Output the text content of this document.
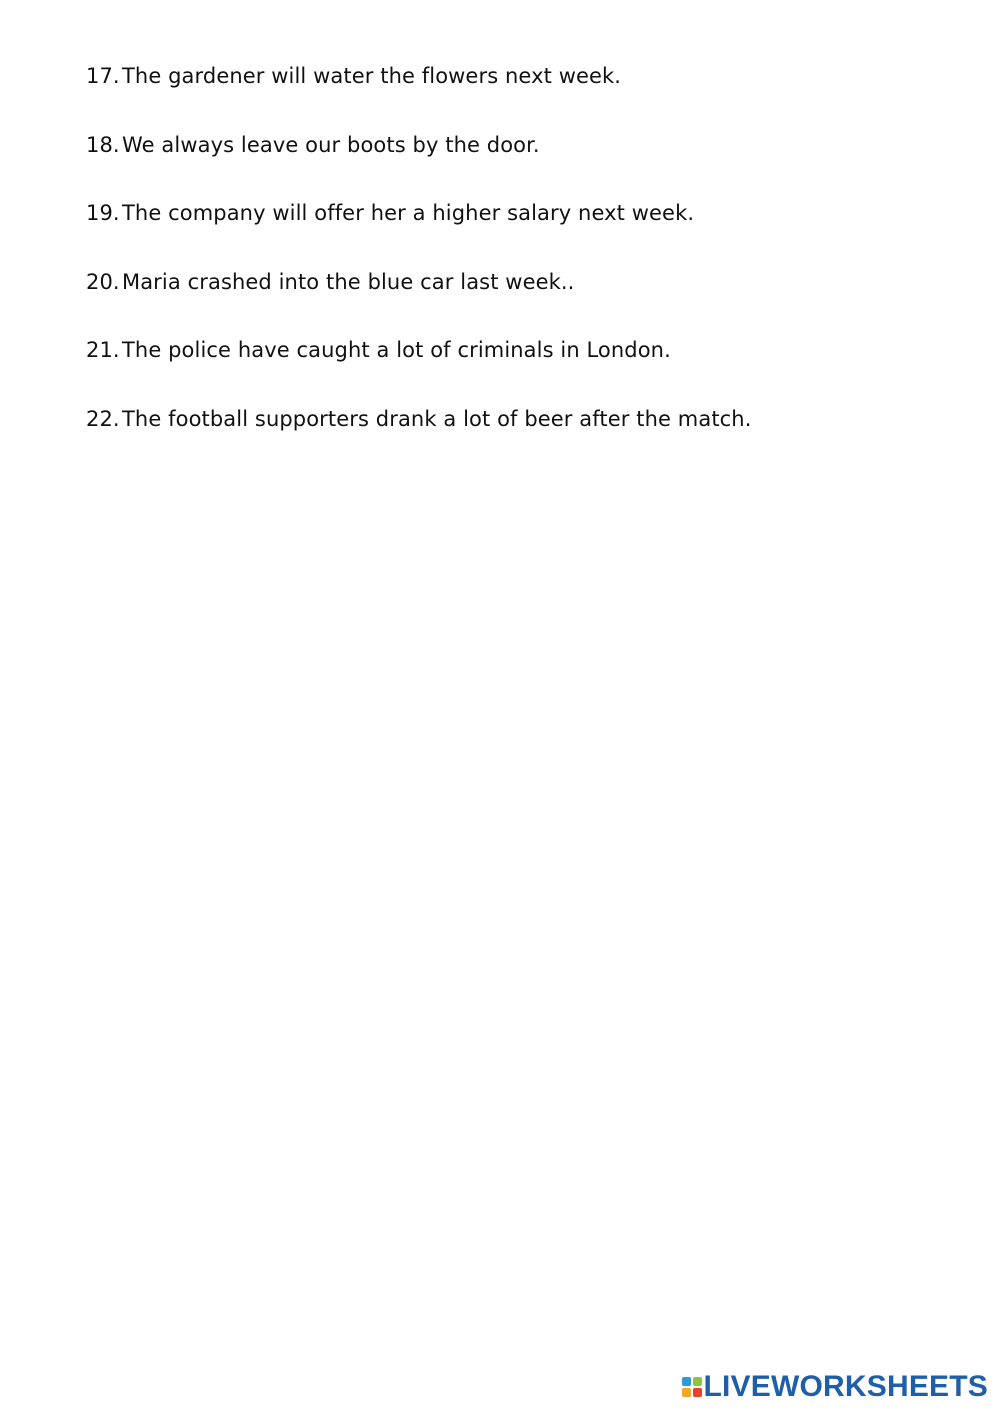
17. The gardener will water the flowers next week.
18. We always leave our boots by the door.
19. The company will offer her a higher salary next week.
20. Maria crashed into the blue car last week..
21. The police have caught a lot of criminals in London.
22. The football supporters drank a lot of beer after the match.
LIVEWORKSHEETS
